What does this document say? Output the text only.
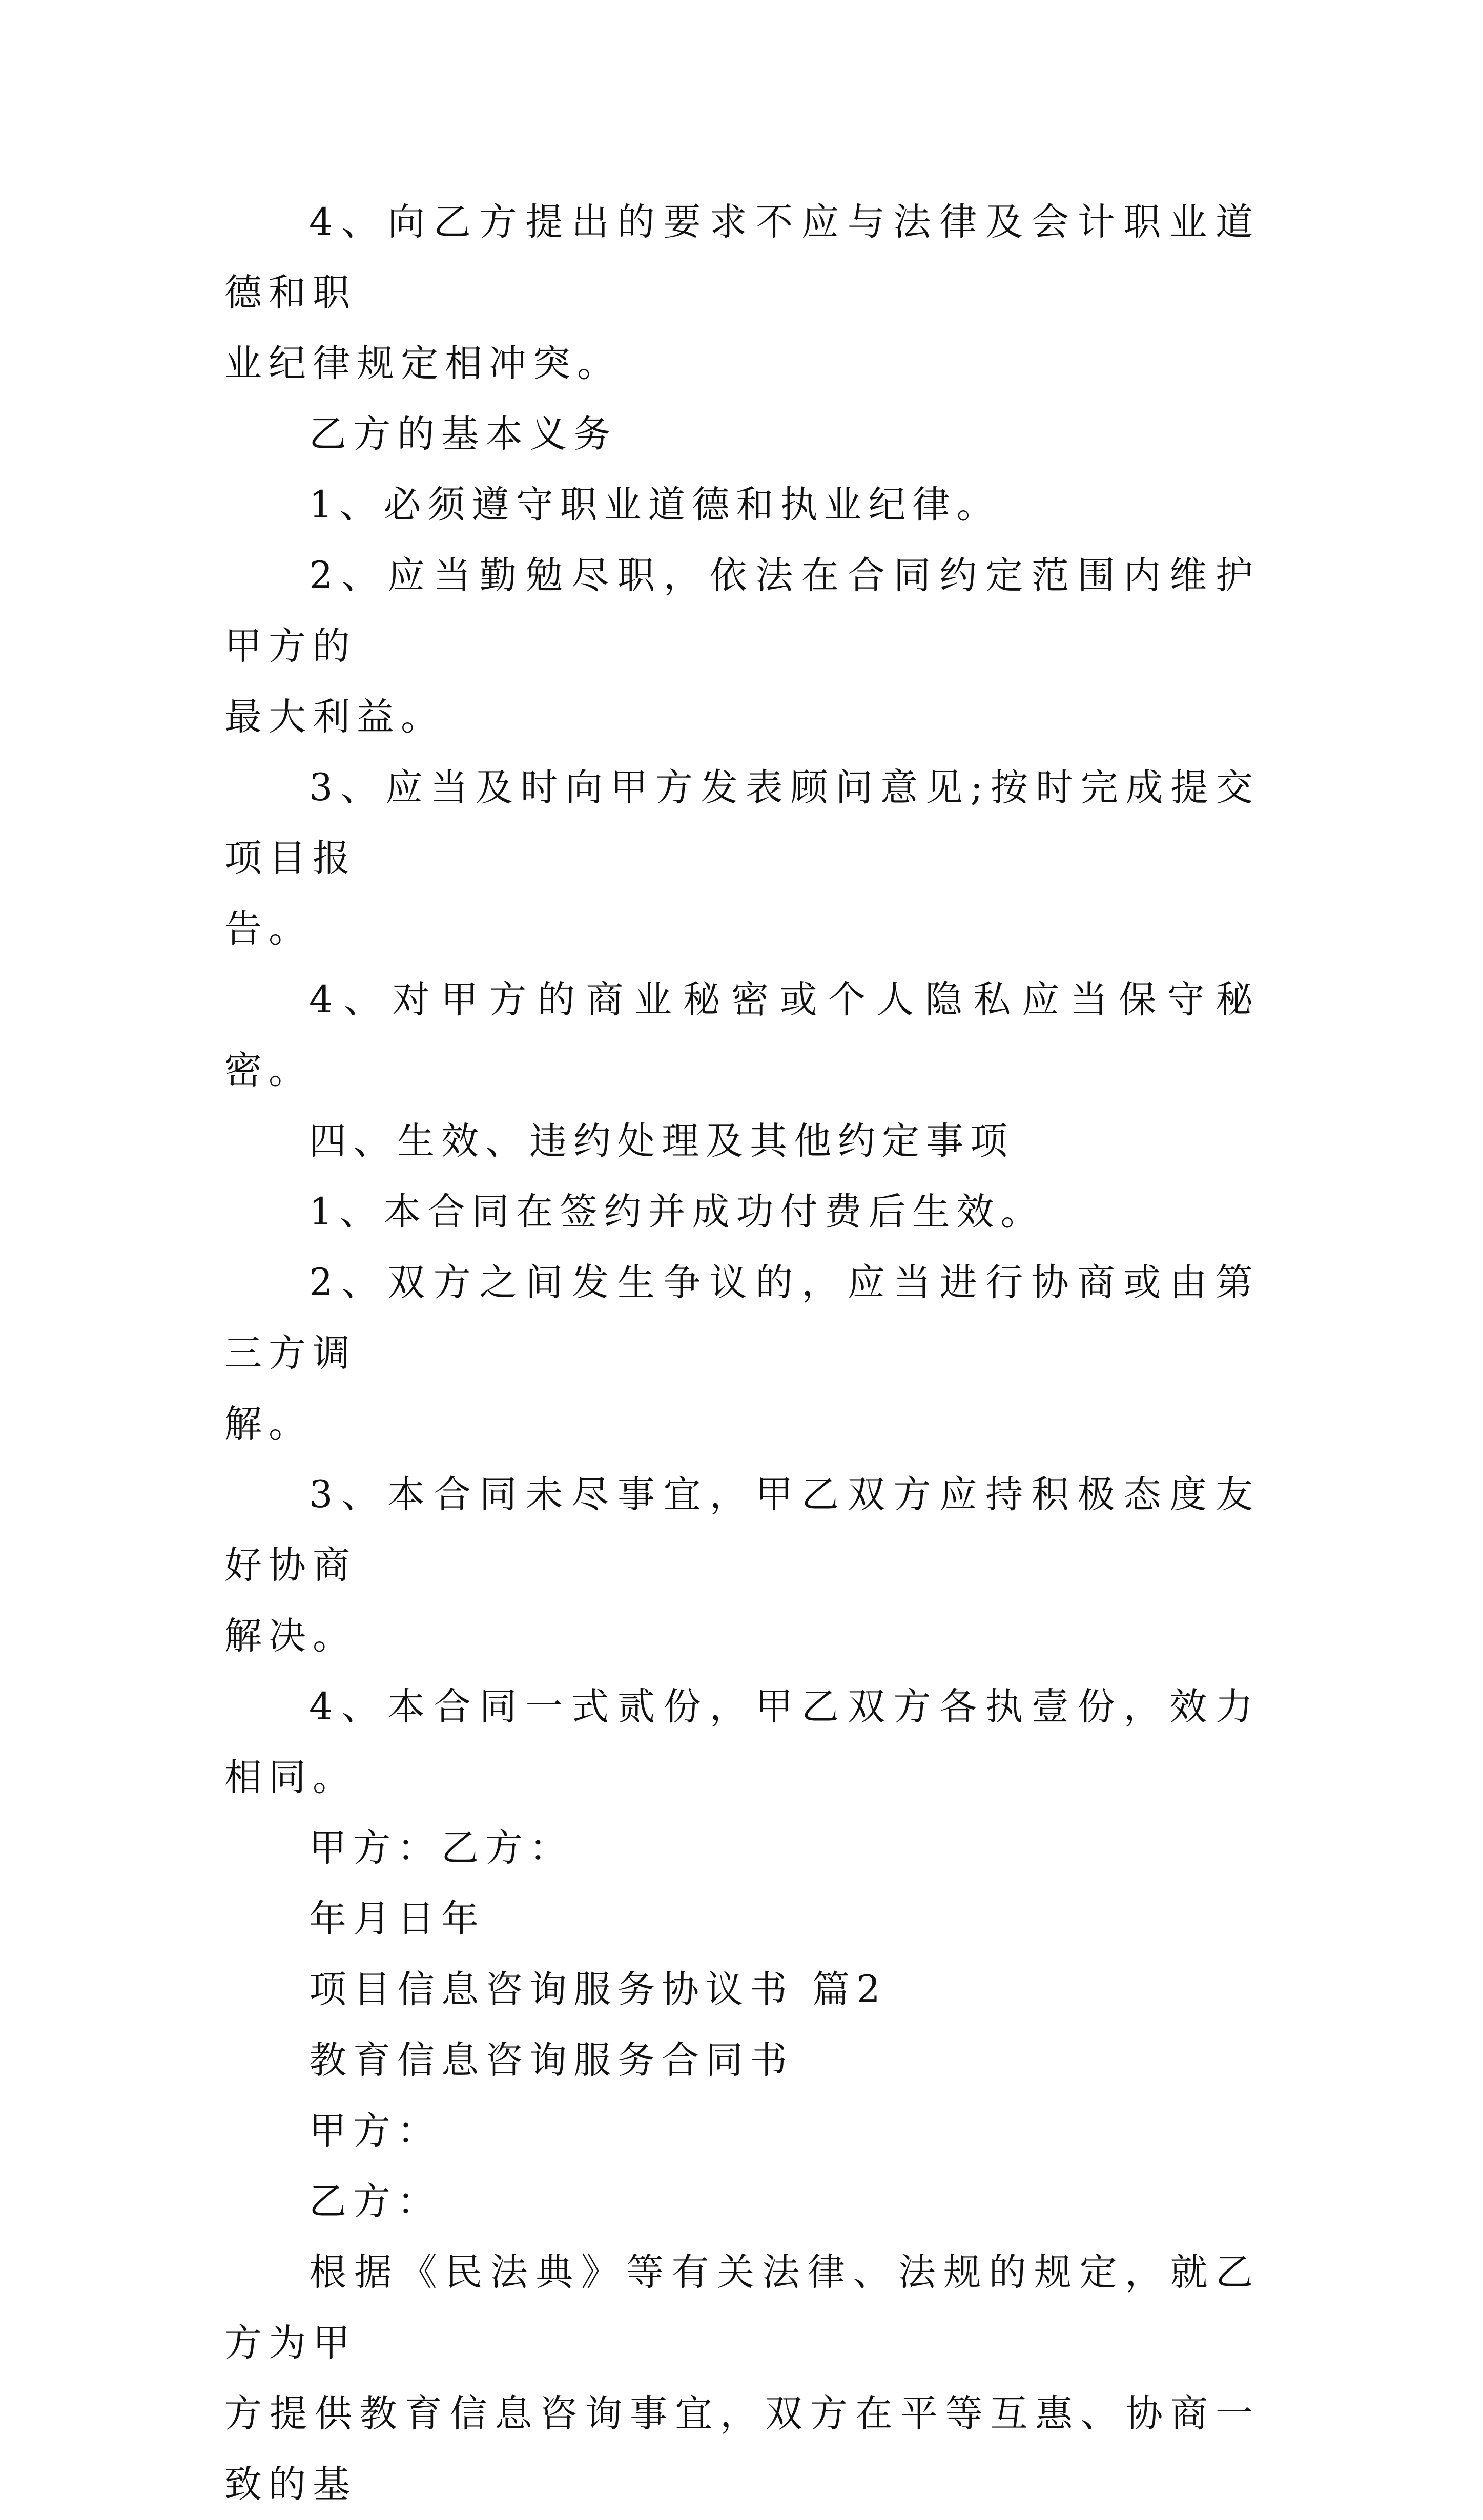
4、向乙方提出的要求不应与法律及会计职业道德和职
业纪律规定相冲突。

乙方的基本义务

1、必须遵守职业道德和执业纪律。

2、应当勤勉尽职，依法在合同约定范围内维护甲方的
最大利益。

3、应当及时向甲方发表顾问意见;按时完成提交项目报
告。

4、对甲方的商业秘密或个人隐私应当保守秘密。

四、生效、违约处理及其他约定事项

1、本合同在签约并成功付费后生效。

2、双方之间发生争议的，应当进行协商或由第三方调
解。

3、本合同未尽事宜，甲乙双方应持积极态度友好协商
解决。

4、本合同一式贰份，甲乙双方各执壹份，效力相同。

甲方：乙方：

年月日年

项目信息咨询服务协议书 篇2

教育信息咨询服务合同书

甲方：

乙方：

根据《民法典》等有关法律、法规的规定，就乙方为甲
方提供教育信息咨询事宜，双方在平等互惠、协商一致的基
